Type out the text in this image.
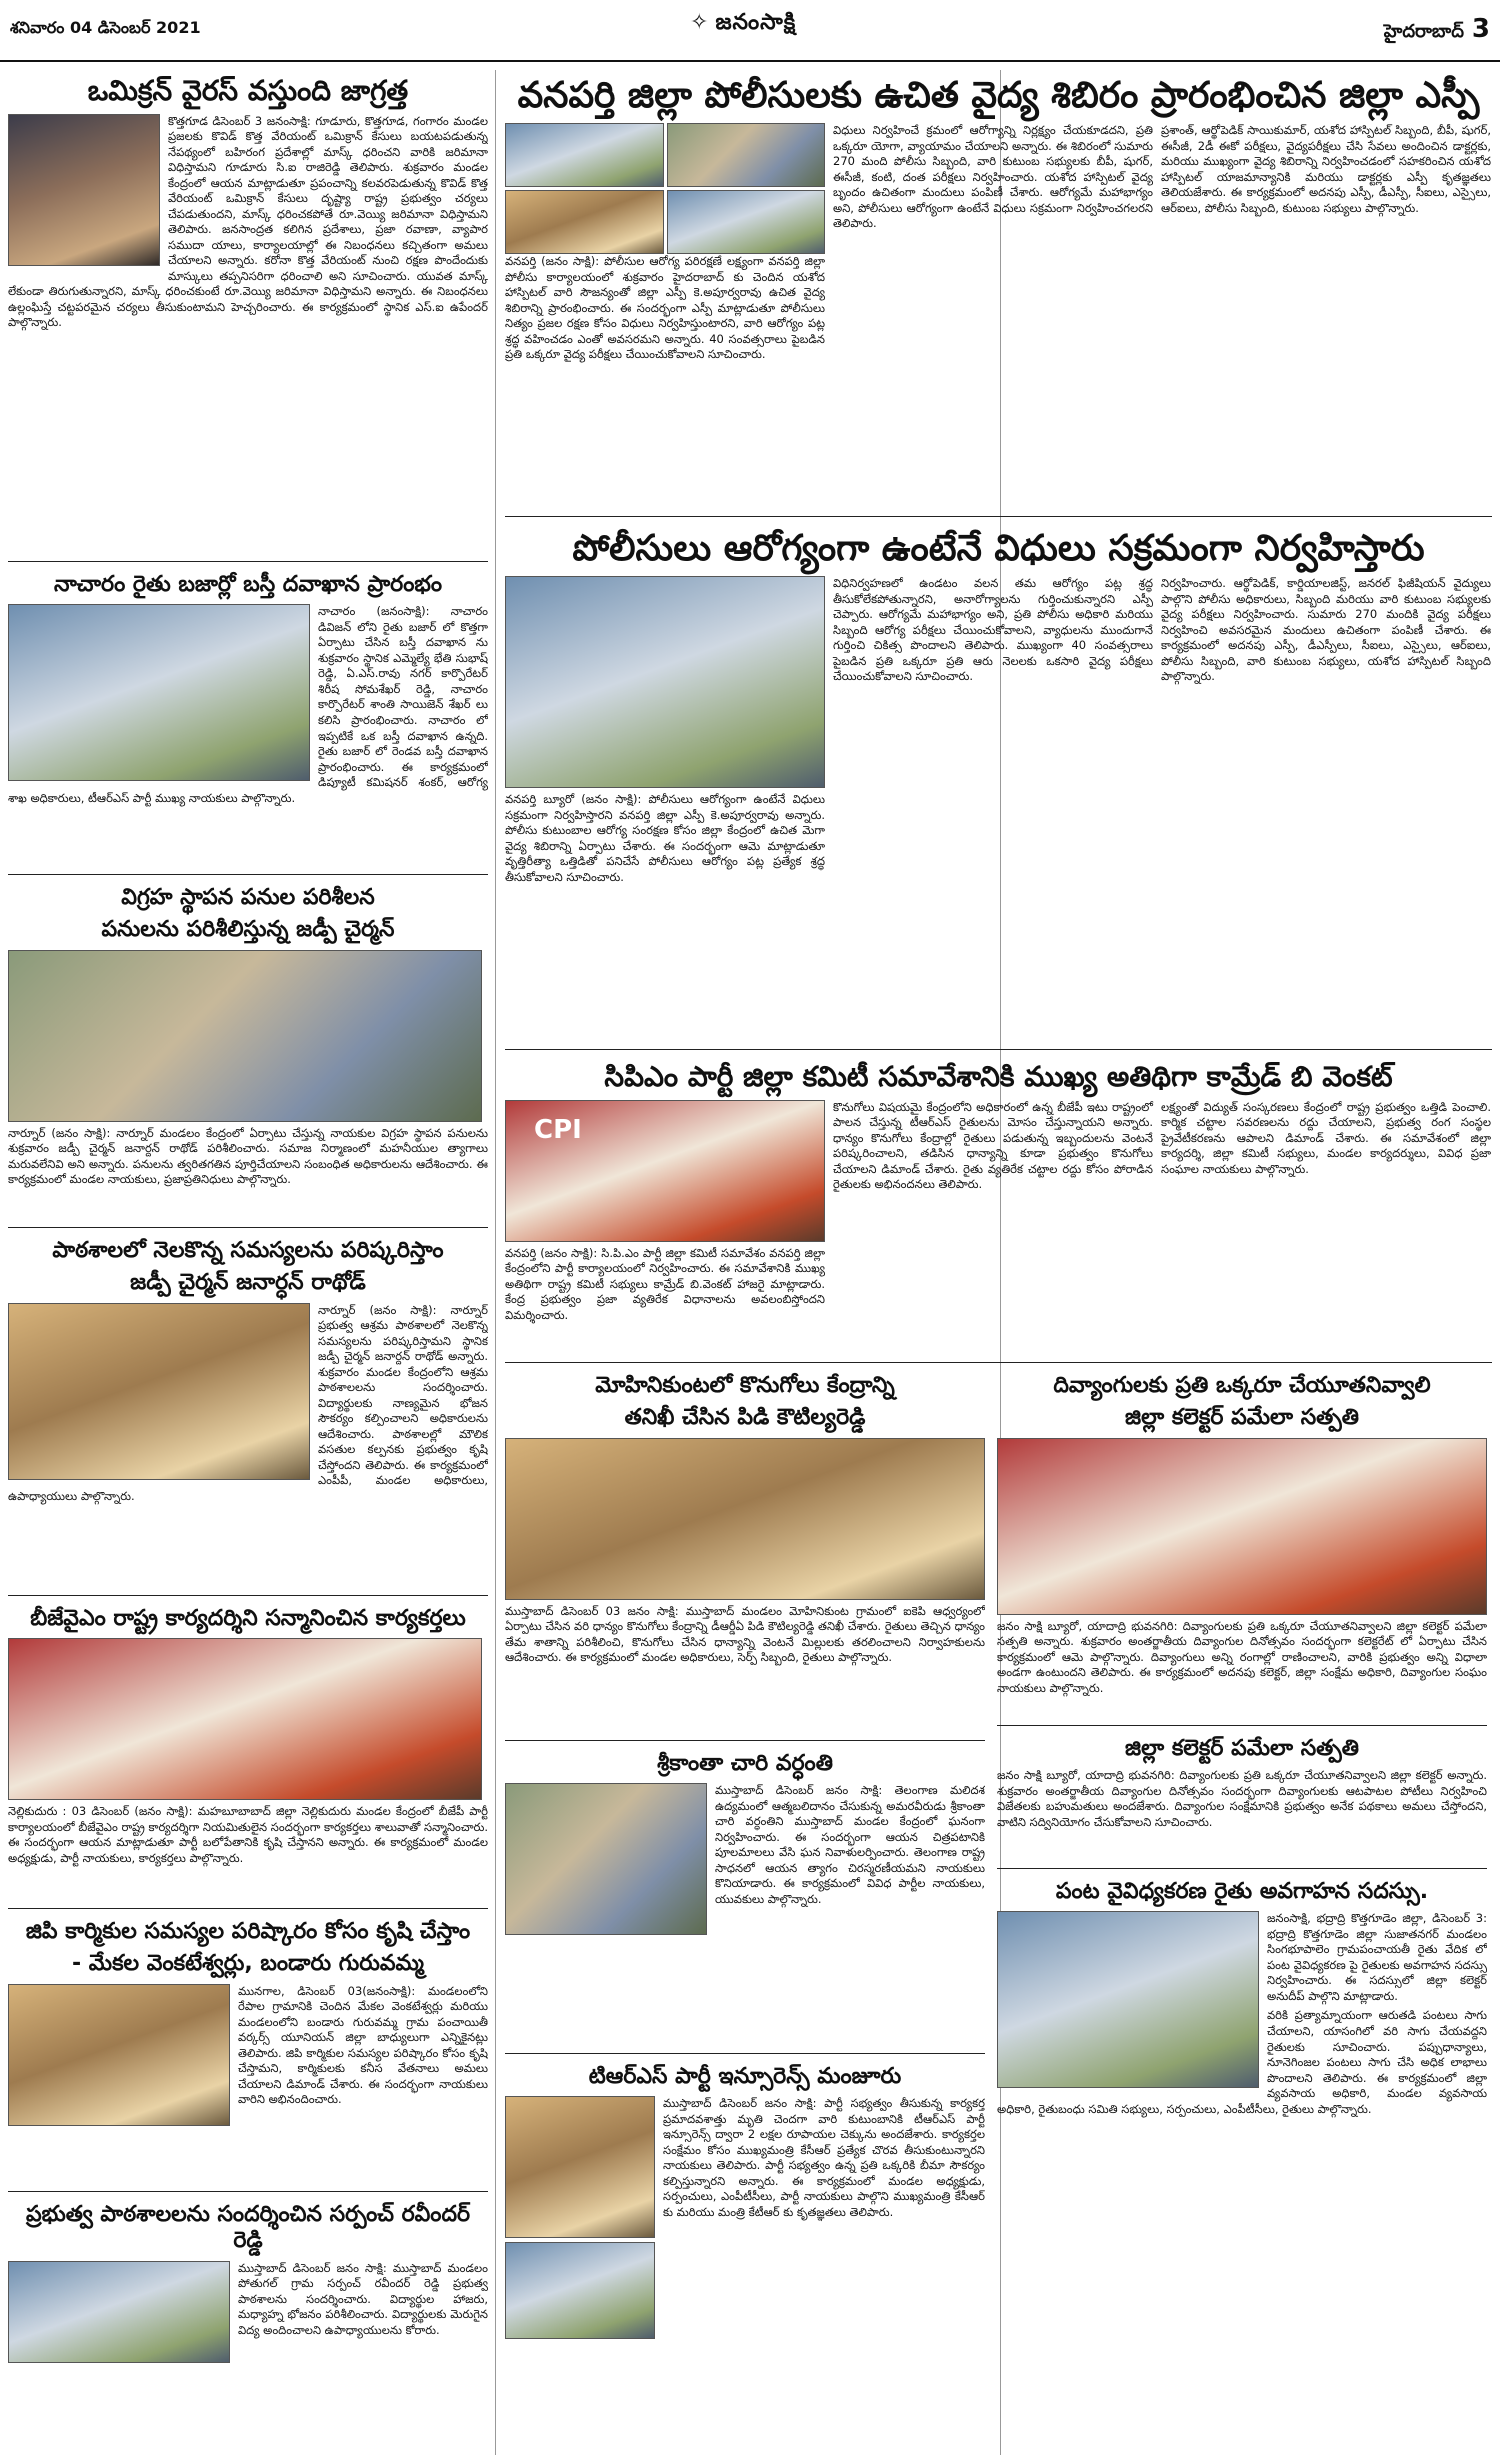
శనివారం 04 డిసెంబర్ 2021
✧	జనంసాక్షి	హైదరాబాద్ 3
ఒమిక్రన్ వైరస్ వస్తుంది జాగ్రత్త

కొత్తగూడ డిసెంబర్ 3 జనంసాక్షి: గూడూరు, కొత్తగూడ, గంగారం మండల ప్రజలకు కొవిడ్ కొత్త వేరియంట్ ఒమిక్రాన్ కేసులు బయటపడుతున్న నేపథ్యంలో బహిరంగ ప్రదేశాల్లో మాస్క్ ధరించని వారికి జరిమానా విధిస్తామని గూడూరు సి.ఐ రాజిరెడ్డి తెలిపారు. శుక్రవారం మండల కేంద్రంలో ఆయన మాట్లాడుతూ ప్రపంచాన్ని కలవరపెడుతున్న కొవిడ్ కొత్త వేరియంట్ ఒమిక్రాన్ కేసులు దృష్ట్యా రాష్ట్ర ప్రభుత్వం చర్యలు చేపడుతుందని, మాస్క్ ధరించకపోతే రూ.వెయ్యి జరిమానా విధిస్తామని తెలిపారు. జనసాంద్రత కలిగిన ప్రదేశాలు, ప్రజా రవాణా, వ్యాపార సముదా యాలు, కార్యాలయాల్లో ఈ నిబంధనలు కచ్చితంగా అమలు చేయాలని అన్నారు. కరోనా కొత్త వేరియంట్ నుంచి రక్షణ పొందేందుకు మాస్కులు తప్పనిసరిగా ధరించాలి అని సూచించారు. యువత మాస్క్ లేకుండా తిరుగుతున్నారని, మాస్క్ ధరించకుంటే రూ.వెయ్యి జరిమానా విధిస్తామని అన్నారు. ఈ నిబంధనలు ఉల్లంఘిస్తే చట్టపరమైన చర్యలు తీసుకుంటామని హెచ్చరించారు. ఈ కార్యక్రమంలో స్థానిక ఎస్.ఐ ఉపేందర్ పాల్గొన్నారు.

నాచారం రైతు బజార్లో బస్తీ దవాఖాన ప్రారంభం

నాచారం (జనంసాక్షి): నాచారం డివిజన్ లోని రైతు బజార్ లో కొత్తగా ఏర్పాటు చేసిన బస్తీ దవాఖాన ను శుక్రవారం స్థానిక ఎమ్మెల్యే భేతి సుభాష్ రెడ్డి, ఏ.ఎస్.రావు నగర్ కార్పొరేటర్ శిరీష సోమశేఖర్ రెడ్డి, నాచారం కార్పొరేటర్ శాంతి సాయిజెన్ శేఖర్ లు కలిసి ప్రారంభించారు. నాచారం లో ఇప్పటికే ఒక బస్తీ దవాఖాన ఉన్నది. రైతు బజార్ లో రెండవ బస్తీ దవాఖాన ప్రారంభించారు. ఈ కార్యక్రమంలో డిప్యూటీ కమిషనర్ శంకర్, ఆరోగ్య శాఖ అధికారులు, టీఆర్ఎస్ పార్టీ ముఖ్య నాయకులు పాల్గొన్నారు.

విగ్రహ స్థాపన పనుల పరిశీలన
పనులను పరిశీలిస్తున్న జడ్పీ చైర్మన్

నార్నూర్ (జనం సాక్షి): నార్నూర్ మండలం కేంద్రంలో ఏర్పాటు చేస్తున్న నాయకుల విగ్రహ స్థాపన పనులను శుక్రవారం జడ్పీ చైర్మన్ జనార్దన్ రాథోడ్ పరిశీలించారు. సమాజ నిర్మాణంలో మహనీయుల త్యాగాలు మరువలేనివి అని అన్నారు. పనులను త్వరితగతిన పూర్తిచేయాలని సంబంధిత అధికారులను ఆదేశించారు. ఈ కార్యక్రమంలో మండల నాయకులు, ప్రజాప్రతినిధులు పాల్గొన్నారు.

పాఠశాలలో నెలకొన్న సమస్యలను పరిష్కరిస్తాం
జడ్పీ చైర్మన్ జనార్ధన్ రాథోడ్

నార్నూర్ (జనం సాక్షి): నార్నూర్ ప్రభుత్వ ఆశ్రమ పాఠశాలలో నెలకొన్న సమస్యలను పరిష్కరిస్తామని స్థానిక జడ్పీ చైర్మన్ జనార్దన్ రాథోడ్ అన్నారు. శుక్రవారం మండల కేంద్రంలోని ఆశ్రమ పాఠశాలలను సందర్శించారు. విద్యార్థులకు నాణ్యమైన భోజన సౌకర్యం కల్పించాలని అధికారులను ఆదేశించారు. పాఠశాలల్లో మౌలిక వసతుల కల్పనకు ప్రభుత్వం కృషి చేస్తోందని తెలిపారు. ఈ కార్యక్రమంలో ఎంపీపీ, మండల అధికారులు, ఉపాధ్యాయులు పాల్గొన్నారు.

బీజేవైఎం రాష్ట్ర కార్యదర్శిని సన్మానించిన కార్యకర్తలు

నెల్లికుదురు : 03 డిసెంబర్ (జనం సాక్షి): మహబూబాబాద్ జిల్లా నెల్లికుదురు మండల కేంద్రంలో బీజేపీ పార్టీ కార్యాలయంలో బీజేవైఎం రాష్ట్ర కార్యదర్శిగా నియమితులైన సందర్భంగా కార్యకర్తలు శాలువాతో సన్మానించారు. ఈ సందర్భంగా ఆయన మాట్లాడుతూ పార్టీ బలోపేతానికి కృషి చేస్తానని అన్నారు. ఈ కార్యక్రమంలో మండల అధ్యక్షుడు, పార్టీ నాయకులు, కార్యకర్తలు పాల్గొన్నారు.

జిపి కార్మికుల సమస్యల పరిష్కారం కోసం కృషి చేస్తాం
- మేకల వెంకటేశ్వర్లు, బండారు గురువమ్మ

మునగాల, డిసెంబర్ 03(జనంసాక్షి): మండలంలోని రేపాల గ్రామానికి చెందిన మేకల వెంకటేశ్వర్లు మరియు మండలంలోని బండారు గురువమ్మ గ్రామ పంచాయితీ వర్కర్స్ యూనియన్ జిల్లా బాధ్యులుగా ఎన్నికైనట్లు తెలిపారు. జిపి కార్మికుల సమస్యల పరిష్కారం కోసం కృషి చేస్తామని, కార్మికులకు కనీస వేతనాలు అమలు చేయాలని డిమాండ్ చేశారు. ఈ సందర్భంగా నాయకులు వారిని అభినందించారు.

ప్రభుత్వ పాఠశాలలను సందర్శించిన సర్పంచ్ రవీందర్ రెడ్డి

ముస్తాబాద్ డిసెంబర్ జనం సాక్షి: ముస్తాబాద్ మండలం పోతుగల్ గ్రామ సర్పంచ్ రవీందర్ రెడ్డి ప్రభుత్వ పాఠశాలను సందర్శించారు. విద్యార్థుల హాజరు, మధ్యాహ్న భోజనం పరిశీలించారు. విద్యార్థులకు మెరుగైన విద్య అందించాలని ఉపాధ్యాయులను కోరారు.

వనపర్తి జిల్లా పోలీసులకు ఉచిత వైద్య శిబిరం ప్రారంభించిన జిల్లా ఎస్పీ

వనపర్తి (జనం సాక్షి): పోలీసుల ఆరోగ్య పరిరక్షణే లక్ష్యంగా వనపర్తి జిల్లా పోలీసు కార్యాలయంలో శుక్రవారం హైదరాబాద్ కు చెందిన యశోద హాస్పిటల్ వారి సౌజన్యంతో జిల్లా ఎస్పీ కె.అపూర్వరావు ఉచిత వైద్య శిబిరాన్ని ప్రారంభించారు. ఈ సందర్భంగా ఎస్పీ మాట్లాడుతూ పోలీసులు నిత్యం ప్రజల రక్షణ కోసం విధులు నిర్వహిస్తుంటారని, వారి ఆరోగ్యం పట్ల శ్రద్ధ వహించడం ఎంతో అవసరమని అన్నారు. 40 సంవత్సరాలు పైబడిన ప్రతి ఒక్కరూ వైద్య పరీక్షలు చేయించుకోవాలని సూచించారు.

విధులు నిర్వహించే క్రమంలో ఆరోగ్యాన్ని నిర్లక్ష్యం చేయకూడదని, ప్రతి ఒక్కరూ యోగా, వ్యాయామం చేయాలని అన్నారు. ఈ శిబిరంలో సుమారు 270 మంది పోలీసు సిబ్బంది, వారి కుటుంబ సభ్యులకు బీపీ, షుగర్, ఈసీజీ, కంటి, దంత పరీక్షలు నిర్వహించారు. యశోద హాస్పిటల్ వైద్య బృందం ఉచితంగా మందులు పంపిణీ చేశారు. ఆరోగ్యమే మహాభాగ్యం అని, పోలీసులు ఆరోగ్యంగా ఉంటేనే విధులు సక్రమంగా నిర్వహించగలరని తెలిపారు.

ప్రశాంత్, ఆర్థోపెడిక్ సాయికుమార్, యశోద హాస్పిటల్ సిబ్బంది, బీపీ, షుగర్, ఈసీజీ, 2డీ ఈకో పరీక్షలు, వైద్యపరీక్షలు చేసి సేవలు అందించిన డాక్టర్లకు, మరియు ముఖ్యంగా వైద్య శిబిరాన్ని నిర్వహించడంలో సహకరించిన యశోద హాస్పిటల్ యాజమాన్యానికి మరియు డాక్టర్లకు ఎస్పీ కృతజ్ఞతలు తెలియజేశారు. ఈ కార్యక్రమంలో అదనపు ఎస్పీ, డీఎస్పీ, సీఐలు, ఎస్సైలు, ఆర్ఐలు, పోలీసు సిబ్బంది, కుటుంబ సభ్యులు పాల్గొన్నారు.

పోలీసులు ఆరోగ్యంగా ఉంటేనే విధులు సక్రమంగా నిర్వహిస్తారు

వనపర్తి బ్యూరో (జనం సాక్షి): పోలీసులు ఆరోగ్యంగా ఉంటేనే విధులు సక్రమంగా నిర్వహిస్తారని వనపర్తి జిల్లా ఎస్పీ కె.అపూర్వరావు అన్నారు. పోలీసు కుటుంబాల ఆరోగ్య సంరక్షణ కోసం జిల్లా కేంద్రంలో ఉచిత మెగా వైద్య శిబిరాన్ని ఏర్పాటు చేశారు. ఈ సందర్భంగా ఆమె మాట్లాడుతూ వృత్తిరీత్యా ఒత్తిడితో పనిచేసే పోలీసులు ఆరోగ్యం పట్ల ప్రత్యేక శ్రద్ధ తీసుకోవాలని సూచించారు.

విధినిర్వహణలో ఉండటం వలన తమ ఆరోగ్యం పట్ల శ్రద్ధ తీసుకోలేకపోతున్నారని, అనారోగ్యాలను గుర్తించుకున్నారని ఎస్పీ చెప్పారు. ఆరోగ్యమే మహాభాగ్యం అని, ప్రతి పోలీసు అధికారి మరియు సిబ్బంది ఆరోగ్య పరీక్షలు చేయించుకోవాలని, వ్యాధులను ముందుగానే గుర్తించి చికిత్స పొందాలని తెలిపారు. ముఖ్యంగా 40 సంవత్సరాలు పైబడిన ప్రతి ఒక్కరూ ప్రతి ఆరు నెలలకు ఒకసారి వైద్య పరీక్షలు చేయించుకోవాలని సూచించారు.

నిర్వహించారు. ఆర్థోపెడిక్, కార్డియాలజిస్ట్, జనరల్ ఫిజీషియన్ వైద్యులు పాల్గొని పోలీసు అధికారులు, సిబ్బంది మరియు వారి కుటుంబ సభ్యులకు వైద్య పరీక్షలు నిర్వహించారు. సుమారు 270 మందికి వైద్య పరీక్షలు నిర్వహించి అవసరమైన మందులు ఉచితంగా పంపిణీ చేశారు. ఈ కార్యక్రమంలో అదనపు ఎస్పీ, డీఎస్పీలు, సీఐలు, ఎస్సైలు, ఆర్ఐలు, పోలీసు సిబ్బంది, వారి కుటుంబ సభ్యులు, యశోద హాస్పిటల్ సిబ్బంది పాల్గొన్నారు.

సిపిఎం పార్టీ జిల్లా కమిటీ సమావేశానికి ముఖ్య అతిథిగా కామ్రేడ్ బి వెంకట్
CPI

వనపర్తి (జనం సాక్షి): సి.పి.ఎం పార్టీ జిల్లా కమిటీ సమావేశం వనపర్తి జిల్లా కేంద్రంలోని పార్టీ కార్యాలయంలో నిర్వహించారు. ఈ సమావేశానికి ముఖ్య అతిథిగా రాష్ట్ర కమిటీ సభ్యులు కామ్రేడ్ బి.వెంకట్ హాజరై మాట్లాడారు. కేంద్ర ప్రభుత్వం ప్రజా వ్యతిరేక విధానాలను అవలంబిస్తోందని విమర్శించారు.

కొనుగోలు విషయమై కేంద్రంలోని అధికారంలో ఉన్న బీజేపీ ఇటు రాష్ట్రంలో పాలన చేస్తున్న టీఆర్ఎస్ రైతులను మోసం చేస్తున్నాయని అన్నారు. ధాన్యం కొనుగోలు కేంద్రాల్లో రైతులు పడుతున్న ఇబ్బందులను వెంటనే పరిష్కరించాలని, తడిసిన ధాన్యాన్ని కూడా ప్రభుత్వం కొనుగోలు చేయాలని డిమాండ్ చేశారు. రైతు వ్యతిరేక చట్టాల రద్దు కోసం పోరాడిన రైతులకు అభినందనలు తెలిపారు.

లక్ష్యంతో విద్యుత్ సంస్కరణలు కేంద్రంలో రాష్ట్ర ప్రభుత్వం ఒత్తిడి పెంచాలి. కార్మిక చట్టాల సవరణలను రద్దు చేయాలని, ప్రభుత్వ రంగ సంస్థల ప్రైవేటీకరణను ఆపాలని డిమాండ్ చేశారు. ఈ సమావేశంలో జిల్లా కార్యదర్శి, జిల్లా కమిటీ సభ్యులు, మండల కార్యదర్శులు, వివిధ ప్రజా సంఘాల నాయకులు పాల్గొన్నారు.

మోహినికుంటలో కొనుగోలు కేంద్రాన్ని
తనిఖీ చేసిన పిడి కౌటిల్యరెడ్డి

ముస్తాబాద్ డిసెంబర్ 03 జనం సాక్షి: ముస్తాబాద్ మండలం మోహినికుంట గ్రామంలో ఐకెపి ఆధ్వర్యంలో ఏర్పాటు చేసిన వరి ధాన్యం కొనుగోలు కేంద్రాన్ని డీఆర్డీఏ పిడి కౌటిల్యరెడ్డి తనిఖీ చేశారు. రైతులు తెచ్చిన ధాన్యం తేమ శాతాన్ని పరిశీలించి, కొనుగోలు చేసిన ధాన్యాన్ని వెంటనే మిల్లులకు తరలించాలని నిర్వాహకులను ఆదేశించారు. ఈ కార్యక్రమంలో మండల అధికారులు, సెర్ప్ సిబ్బంది, రైతులు పాల్గొన్నారు.

శ్రీకాంతా చారి వర్ధంతి

ముస్తాబాద్ డిసెంబర్ జనం సాక్షి: తెలంగాణ మలిదశ ఉద్యమంలో ఆత్మబలిదానం చేసుకున్న అమరవీరుడు శ్రీకాంతా చారి వర్ధంతిని ముస్తాబాద్ మండల కేంద్రంలో ఘనంగా నిర్వహించారు. ఈ సందర్భంగా ఆయన చిత్రపటానికి పూలమాలలు వేసి ఘన నివాళులర్పించారు. తెలంగాణ రాష్ట్ర సాధనలో ఆయన త్యాగం చిరస్మరణీయమని నాయకులు కొనియాడారు. ఈ కార్యక్రమంలో వివిధ పార్టీల నాయకులు, యువకులు పాల్గొన్నారు.

టిఆర్ఎస్ పార్టీ ఇన్సూరెన్స్ మంజూరు

ముస్తాబాద్ డిసెంబర్ జనం సాక్షి: పార్టీ సభ్యత్వం తీసుకున్న కార్యకర్త ప్రమాదవశాత్తు మృతి చెందగా వారి కుటుంబానికి టీఆర్ఎస్ పార్టీ ఇన్సూరెన్స్ ద్వారా 2 లక్షల రూపాయల చెక్కును అందజేశారు. కార్యకర్తల సంక్షేమం కోసం ముఖ్యమంత్రి కేసీఆర్ ప్రత్యేక చొరవ తీసుకుంటున్నారని నాయకులు తెలిపారు. పార్టీ సభ్యత్వం ఉన్న ప్రతి ఒక్కరికి బీమా సౌకర్యం కల్పిస్తున్నారని అన్నారు. ఈ కార్యక్రమంలో మండల అధ్యక్షుడు, సర్పంచులు, ఎంపీటీసీలు, పార్టీ నాయకులు పాల్గొని ముఖ్యమంత్రి కేసీఆర్ కు మరియు మంత్రి కేటీఆర్ కు కృతజ్ఞతలు తెలిపారు.

దివ్యాంగులకు ప్రతి ఒక్కరూ చేయూతనివ్వాలి
జిల్లా కలెక్టర్ పమేలా సత్పతి

జనం సాక్షి బ్యూరో, యాదాద్రి భువనగిరి: దివ్యాంగులకు ప్రతి ఒక్కరూ చేయూతనివ్వాలని జిల్లా కలెక్టర్ పమేలా సత్పతి అన్నారు. శుక్రవారం అంతర్జాతీయ దివ్యాంగుల దినోత్సవం సందర్భంగా కలెక్టరేట్ లో ఏర్పాటు చేసిన కార్యక్రమంలో ఆమె పాల్గొన్నారు. దివ్యాంగులు అన్ని రంగాల్లో రాణించాలని, వారికి ప్రభుత్వం అన్ని విధాలా అండగా ఉంటుందని తెలిపారు. ఈ కార్యక్రమంలో అదనపు కలెక్టర్, జిల్లా సంక్షేమ అధికారి, దివ్యాంగుల సంఘం నాయకులు పాల్గొన్నారు.

జిల్లా కలెక్టర్ పమేలా సత్పతి

జనం సాక్షి బ్యూరో, యాదాద్రి భువనగిరి: దివ్యాంగులకు ప్రతి ఒక్కరూ చేయూతనివ్వాలని జిల్లా కలెక్టర్ అన్నారు. శుక్రవారం అంతర్జాతీయ దివ్యాంగుల దినోత్సవం సందర్భంగా దివ్యాంగులకు ఆటపాటల పోటీలు నిర్వహించి విజేతలకు బహుమతులు అందజేశారు. దివ్యాంగుల సంక్షేమానికి ప్రభుత్వం అనేక పథకాలు అమలు చేస్తోందని, వాటిని సద్వినియోగం చేసుకోవాలని సూచించారు.

పంట వైవిధ్యకరణ రైతు అవగాహన సదస్సు.

జనంసాక్షి, భద్రాద్రి కొత్తగూడెం జిల్లా, డిసెంబర్ 3: భద్రాద్రి కొత్తగూడెం జిల్లా సుజాతనగర్ మండలం సింగభూపాలెం గ్రామపంచాయతీ రైతు వేదిక లో పంట వైవిధ్యకరణ పై రైతులకు అవగాహన సదస్సు నిర్వహించారు. ఈ సదస్సులో జిల్లా కలెక్టర్ అనుదీప్ పాల్గొని మాట్లాడారు.

వరికి ప్రత్యామ్నాయంగా ఆరుతడి పంటలు సాగు చేయాలని, యాసంగిలో వరి సాగు చేయవద్దని రైతులకు సూచించారు. పప్పుధాన్యాలు, నూనెగింజల పంటలు సాగు చేసి అధిక లాభాలు పొందాలని తెలిపారు. ఈ కార్యక్రమంలో జిల్లా వ్యవసాయ అధికారి, మండల వ్యవసాయ అధికారి, రైతుబంధు సమితి సభ్యులు, సర్పంచులు, ఎంపీటీసీలు, రైతులు పాల్గొన్నారు.
